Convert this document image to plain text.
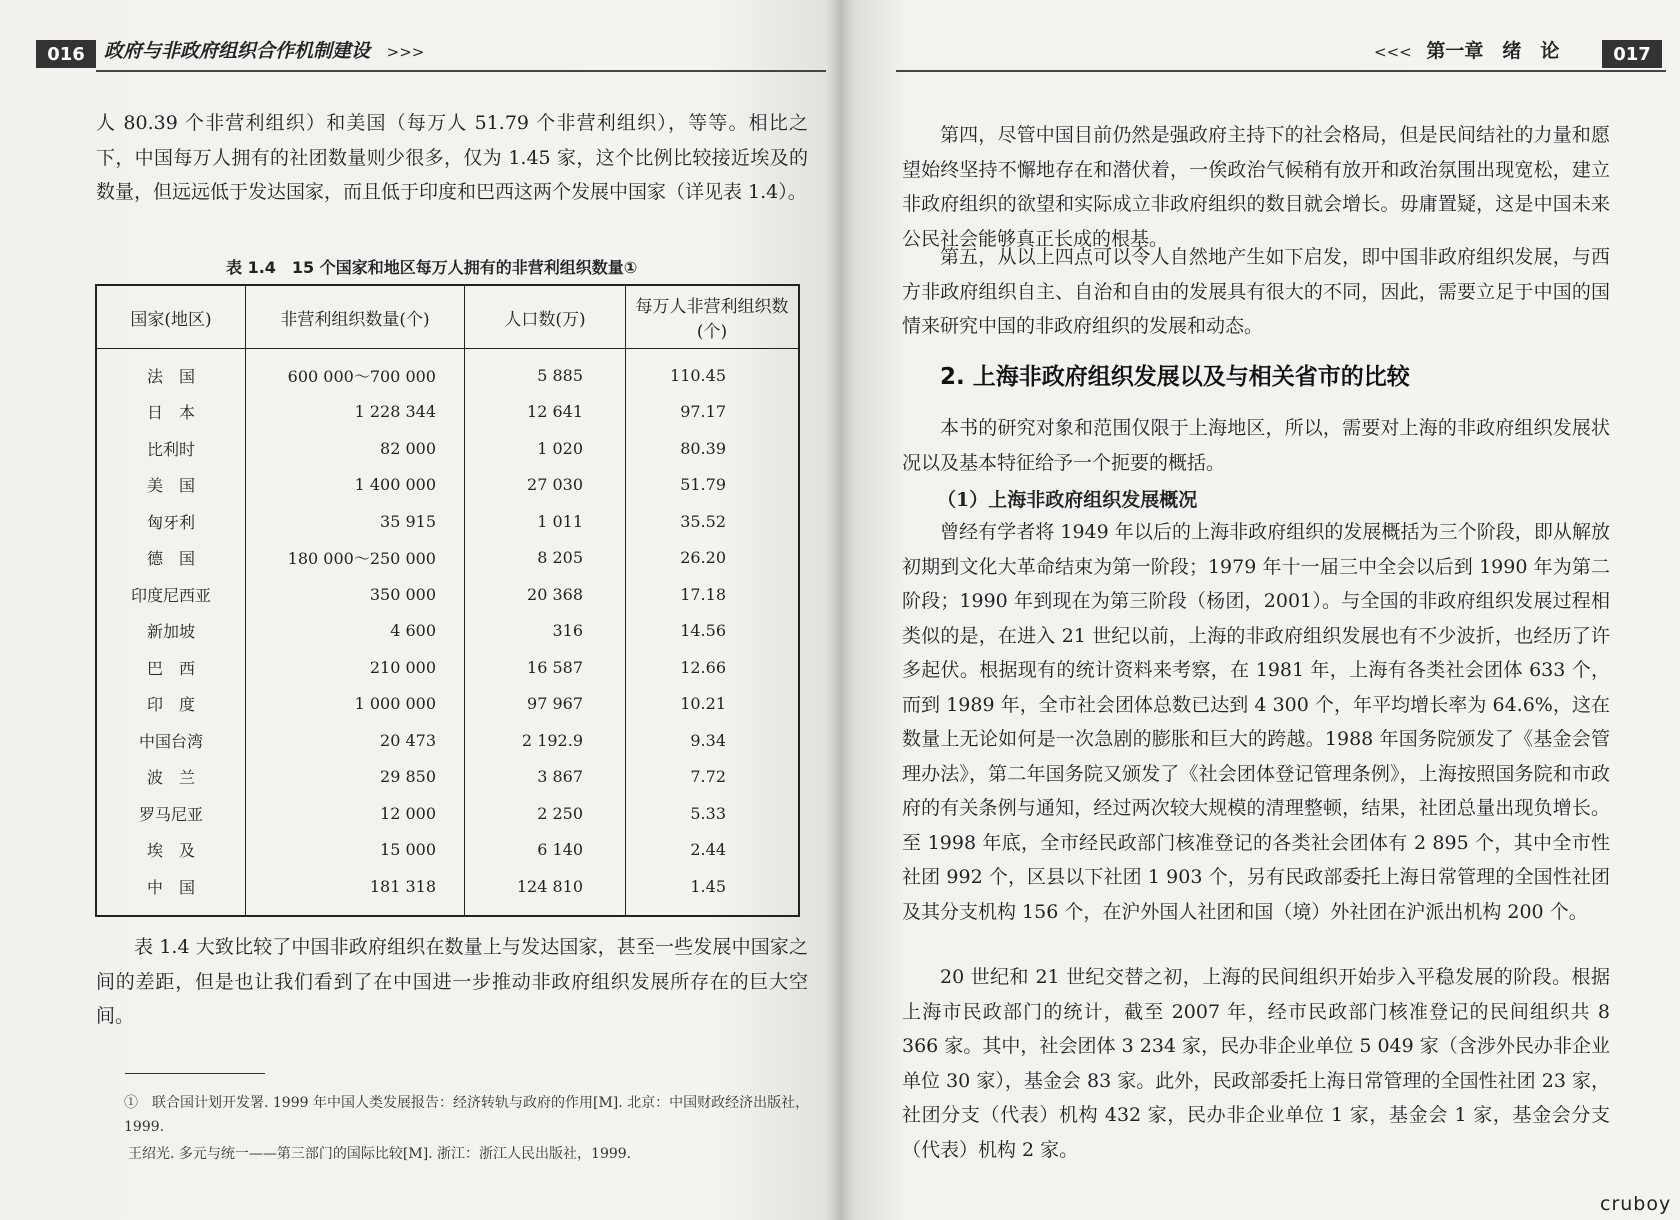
016	政府与非政府组织合作机制建设 >>>

人 80.39 个非营利组织）和美国（每万人 51.79 个非营利组织），等等。相比之下，中国每万人拥有的社团数量则少很多，仅为 1.45 家，这个比例比较接近埃及的数量，但远远低于发达国家，而且低于印度和巴西这两个发展中国家（详见表 1.4）。

表 1.4　15 个国家和地区每万人拥有的非营利组织数量①
国家(地区)	非营利组织数量(个)	人口数(万)	每万人非营利组织数(个)
法　国	600 000～700 000	5 885	110.45
日　本	1 228 344	12 641	97.17
比利时	82 000	1 020	80.39
美　国	1 400 000	27 030	51.79
匈牙利	35 915	1 011	35.52
德　国	180 000～250 000	8 205	26.20
印度尼西亚	350 000	20 368	17.18
新加坡	4 600	316	14.56
巴　西	210 000	16 587	12.66
印　度	1 000 000	97 967	10.21
中国台湾	20 473	2 192.9	9.34
波　兰	29 850	3 867	7.72
罗马尼亚	12 000	2 250	5.33
埃　及	15 000	6 140	2.44
中　国	181 318	124 810	1.45

表 1.4 大致比较了中国非政府组织在数量上与发达国家，甚至一些发展中国家之间的差距，但是也让我们看到了在中国进一步推动非政府组织发展所存在的巨大空间。

①　联合国计划开发署. 1999 年中国人类发展报告：经济转轨与政府的作用[M]. 北京：中国财政经济出版社，1999.
王绍光. 多元与统一——第三部门的国际比较[M]. 浙江：浙江人民出版社，1999.
<<< 第一章　绪　论	017

第四，尽管中国目前仍然是强政府主持下的社会格局，但是民间结社的力量和愿望始终坚持不懈地存在和潜伏着，一俟政治气候稍有放开和政治氛围出现宽松，建立非政府组织的欲望和实际成立非政府组织的数目就会增长。毋庸置疑，这是中国未来公民社会能够真正长成的根基。

第五，从以上四点可以令人自然地产生如下启发，即中国非政府组织发展，与西方非政府组织自主、自治和自由的发展具有很大的不同，因此，需要立足于中国的国情来研究中国的非政府组织的发展和动态。

2. 上海非政府组织发展以及与相关省市的比较

本书的研究对象和范围仅限于上海地区，所以，需要对上海的非政府组织发展状况以及基本特征给予一个扼要的概括。

（1）上海非政府组织发展概况

曾经有学者将 1949 年以后的上海非政府组织的发展概括为三个阶段，即从解放初期到文化大革命结束为第一阶段；1979 年十一届三中全会以后到 1990 年为第二阶段；1990 年到现在为第三阶段（杨团，2001）。与全国的非政府组织发展过程相类似的是，在进入 21 世纪以前，上海的非政府组织发展也有不少波折，也经历了许多起伏。根据现有的统计资料来考察，在 1981 年，上海有各类社会团体 633 个，而到 1989 年，全市社会团体总数已达到 4 300 个，年平均增长率为 64.6%，这在数量上无论如何是一次急剧的膨胀和巨大的跨越。1988 年国务院颁发了《基金会管理办法》，第二年国务院又颁发了《社会团体登记管理条例》，上海按照国务院和市政府的有关条例与通知，经过两次较大规模的清理整顿，结果，社团总量出现负增长。至 1998 年底，全市经民政部门核准登记的各类社会团体有 2 895 个，其中全市性社团 992 个，区县以下社团 1 903 个，另有民政部委托上海日常管理的全国性社团及其分支机构 156 个，在沪外国人社团和国（境）外社团在沪派出机构 200 个。

20 世纪和 21 世纪交替之初，上海的民间组织开始步入平稳发展的阶段。根据上海市民政部门的统计，截至 2007 年，经市民政部门核准登记的民间组织共 8 366 家。其中，社会团体 3 234 家，民办非企业单位 5 049 家（含涉外民办非企业单位 30 家），基金会 83 家。此外，民政部委托上海日常管理的全国性社团 23 家，社团分支（代表）机构 432 家，民办非企业单位 1 家，基金会 1 家，基金会分支（代表）机构 2 家。

cruboy
